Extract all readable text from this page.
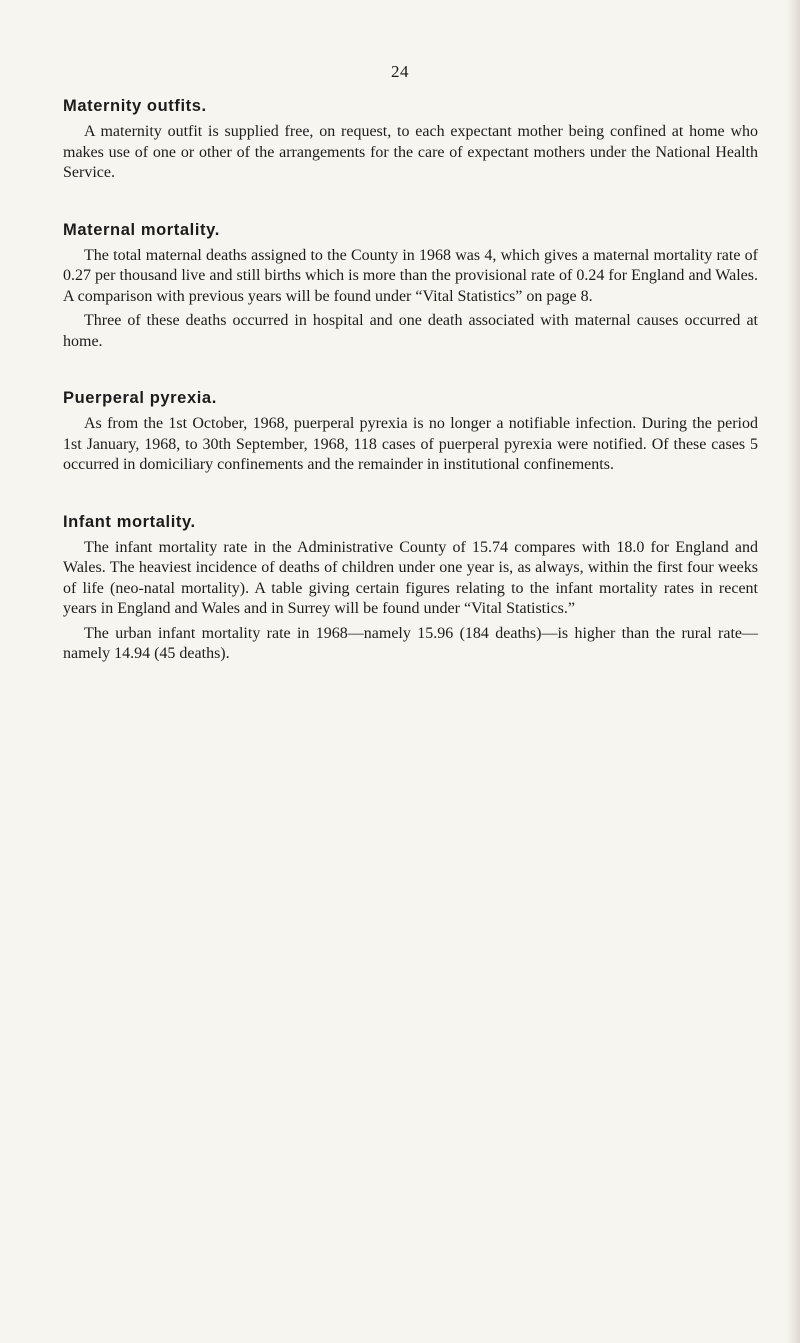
24
Maternity outfits.

A maternity outfit is supplied free, on request, to each expectant mother being confined at home who makes use of one or other of the arrangements for the care of expectant mothers under the National Health Service.

Maternal mortality.

The total maternal deaths assigned to the County in 1968 was 4, which gives a maternal mortality rate of 0.27 per thousand live and still births which is more than the provisional rate of 0.24 for England and Wales. A comparison with previous years will be found under “Vital Statistics” on page 8.

Three of these deaths occurred in hospital and one death associated with maternal causes occurred at home.

Puerperal pyrexia.

As from the 1st October, 1968, puerperal pyrexia is no longer a notifiable infection. During the period 1st January, 1968, to 30th September, 1968, 118 cases of puerperal pyrexia were notified. Of these cases 5 occurred in domiciliary confinements and the remainder in institutional confinements.

Infant mortality.

The infant mortality rate in the Administrative County of 15.74 compares with 18.0 for England and Wales. The heaviest incidence of deaths of children under one year is, as always, within the first four weeks of life (neo-natal mortality). A table giving certain figures relating to the infant mortality rates in recent years in England and Wales and in Surrey will be found under “Vital Statistics.”

The urban infant mortality rate in 1968—namely 15.96 (184 deaths)—is higher than the rural rate—namely 14.94 (45 deaths).
